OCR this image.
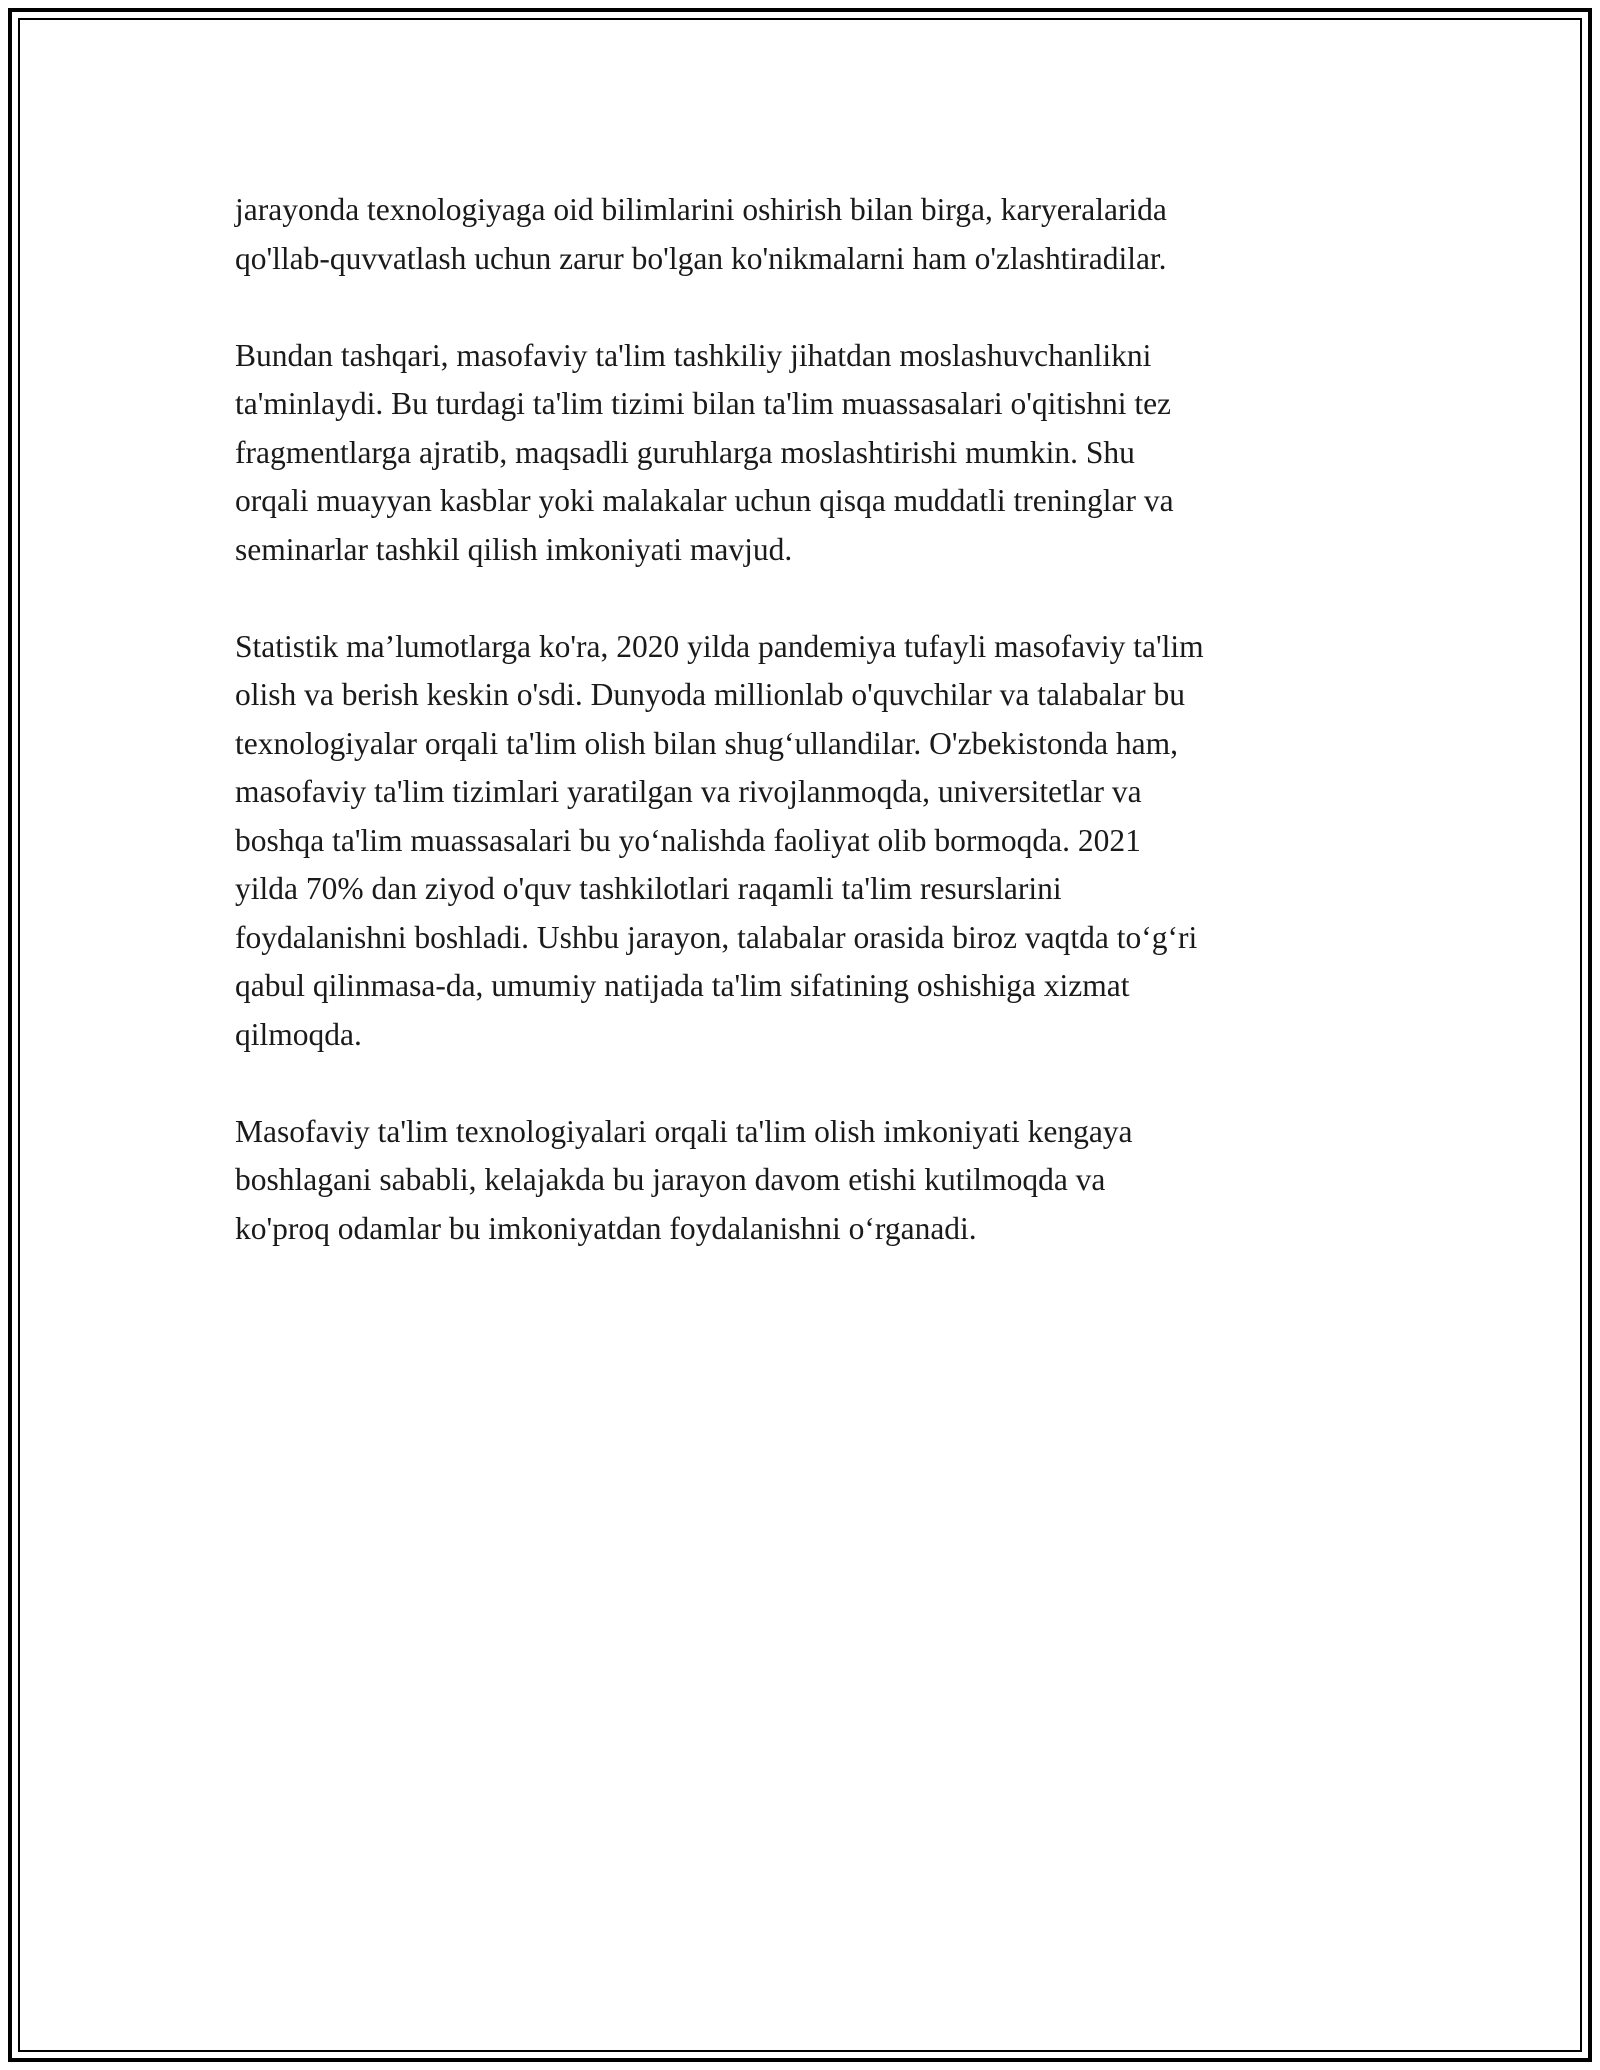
jarayonda texnologiyaga oid bilimlarini oshirish bilan birga, karyeralarida
qo'llab-quvvatlash uchun zarur bo'lgan ko'nikmalarni ham o'zlashtiradilar.

Bundan tashqari, masofaviy ta'lim tashkiliy jihatdan moslashuvchanlikni
ta'minlaydi. Bu turdagi ta'lim tizimi bilan ta'lim muassasalari o'qitishni tez
fragmentlarga ajratib, maqsadli guruhlarga moslashtirishi mumkin. Shu
orqali muayyan kasblar yoki malakalar uchun qisqa muddatli treninglar va
seminarlar tashkil qilish imkoniyati mavjud.

Statistik ma’lumotlarga ko'ra, 2020 yilda pandemiya tufayli masofaviy ta'lim
olish va berish keskin o'sdi. Dunyoda millionlab o'quvchilar va talabalar bu
texnologiyalar orqali ta'lim olish bilan shug‘ullandilar. O'zbekistonda ham,
masofaviy ta'lim tizimlari yaratilgan va rivojlanmoqda, universitetlar va
boshqa ta'lim muassasalari bu yo‘nalishda faoliyat olib bormoqda. 2021
yilda 70% dan ziyod o'quv tashkilotlari raqamli ta'lim resurslarini
foydalanishni boshladi. Ushbu jarayon, talabalar orasida biroz vaqtda to‘g‘ri
qabul qilinmasa-da, umumiy natijada ta'lim sifatining oshishiga xizmat
qilmoqda.

Masofaviy ta'lim texnologiyalari orqali ta'lim olish imkoniyati kengaya
boshlagani sababli, kelajakda bu jarayon davom etishi kutilmoqda va
ko'proq odamlar bu imkoniyatdan foydalanishni o‘rganadi.
